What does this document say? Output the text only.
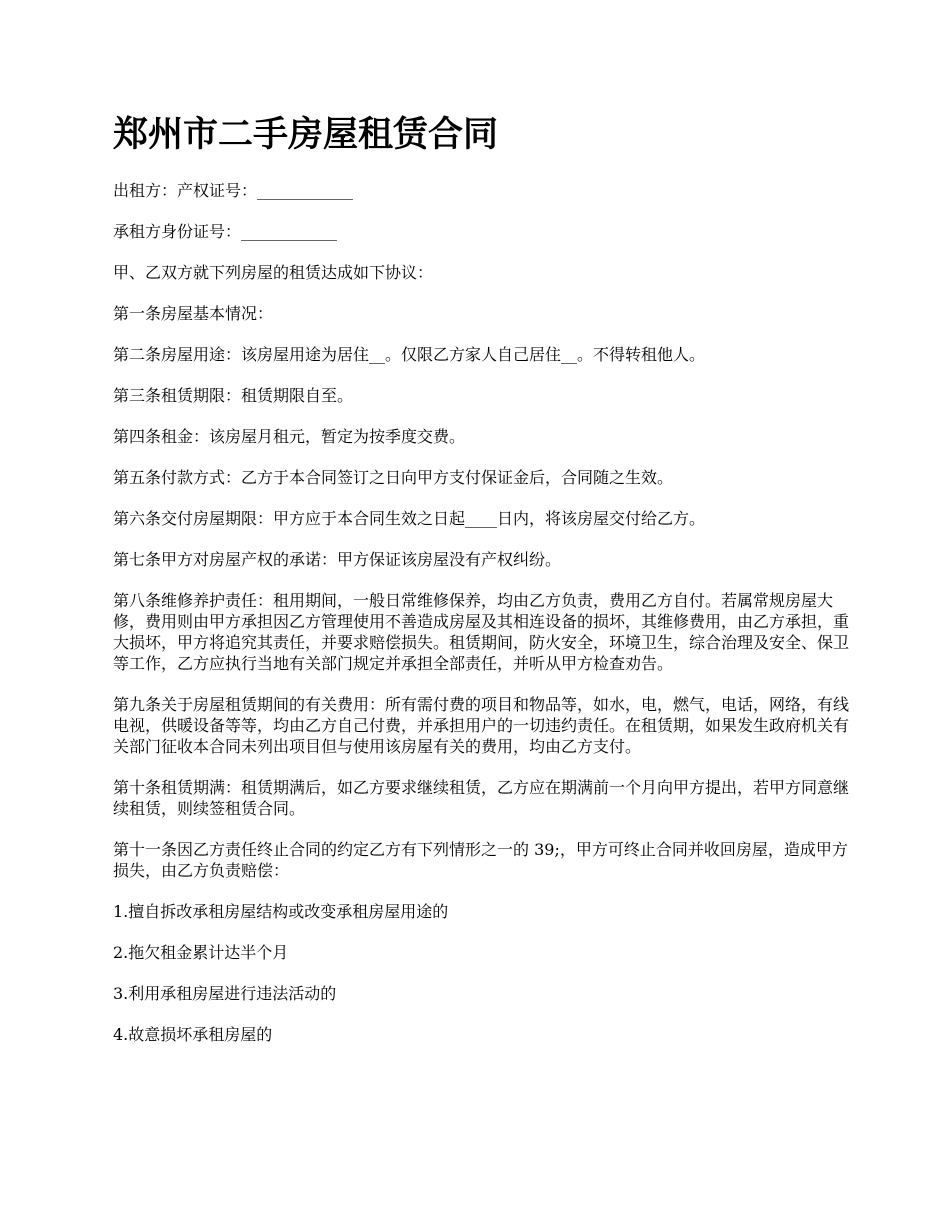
郑州市二手房屋租赁合同

出租方：产权证号：____________

承租方身份证号：____________

甲、乙双方就下列房屋的租赁达成如下协议：

第一条房屋基本情况：

第二条房屋用途：该房屋用途为居住__。仅限乙方家人自己居住__。不得转租他人。

第三条租赁期限：租赁期限自至。

第四条租金：该房屋月租元，暂定为按季度交费。

第五条付款方式：乙方于本合同签订之日向甲方支付保证金后，合同随之生效。

第六条交付房屋期限：甲方应于本合同生效之日起____日内，将该房屋交付给乙方。

第七条甲方对房屋产权的承诺：甲方保证该房屋没有产权纠纷。

第八条维修养护责任：租用期间，一般日常维修保养，均由乙方负责，费用乙方自付。若属常规房屋大修，费用则由甲方承担因乙方管理使用不善造成房屋及其相连设备的损坏，其维修费用，由乙方承担，重大损坏，甲方将追究其责任，并要求赔偿损失。租赁期间，防火安全，环境卫生，综合治理及安全、保卫等工作，乙方应执行当地有关部门规定并承担全部责任，并听从甲方检查劝告。

第九条关于房屋租赁期间的有关费用：所有需付费的项目和物品等，如水，电，燃气，电话，网络，有线电视，供暖设备等等，均由乙方自己付费，并承担用户的一切违约责任。在租赁期，如果发生政府机关有关部门征收本合同未列出项目但与使用该房屋有关的费用，均由乙方支付。

第十条租赁期满：租赁期满后，如乙方要求继续租赁，乙方应在期满前一个月向甲方提出，若甲方同意继续租赁，则续签租赁合同。

第十一条因乙方责任终止合同的约定乙方有下列情形之一的 39;，甲方可终止合同并收回房屋，造成甲方损失，由乙方负责赔偿：

1.擅自拆改承租房屋结构或改变承租房屋用途的

2.拖欠租金累计达半个月

3.利用承租房屋进行违法活动的

4.故意损坏承租房屋的
